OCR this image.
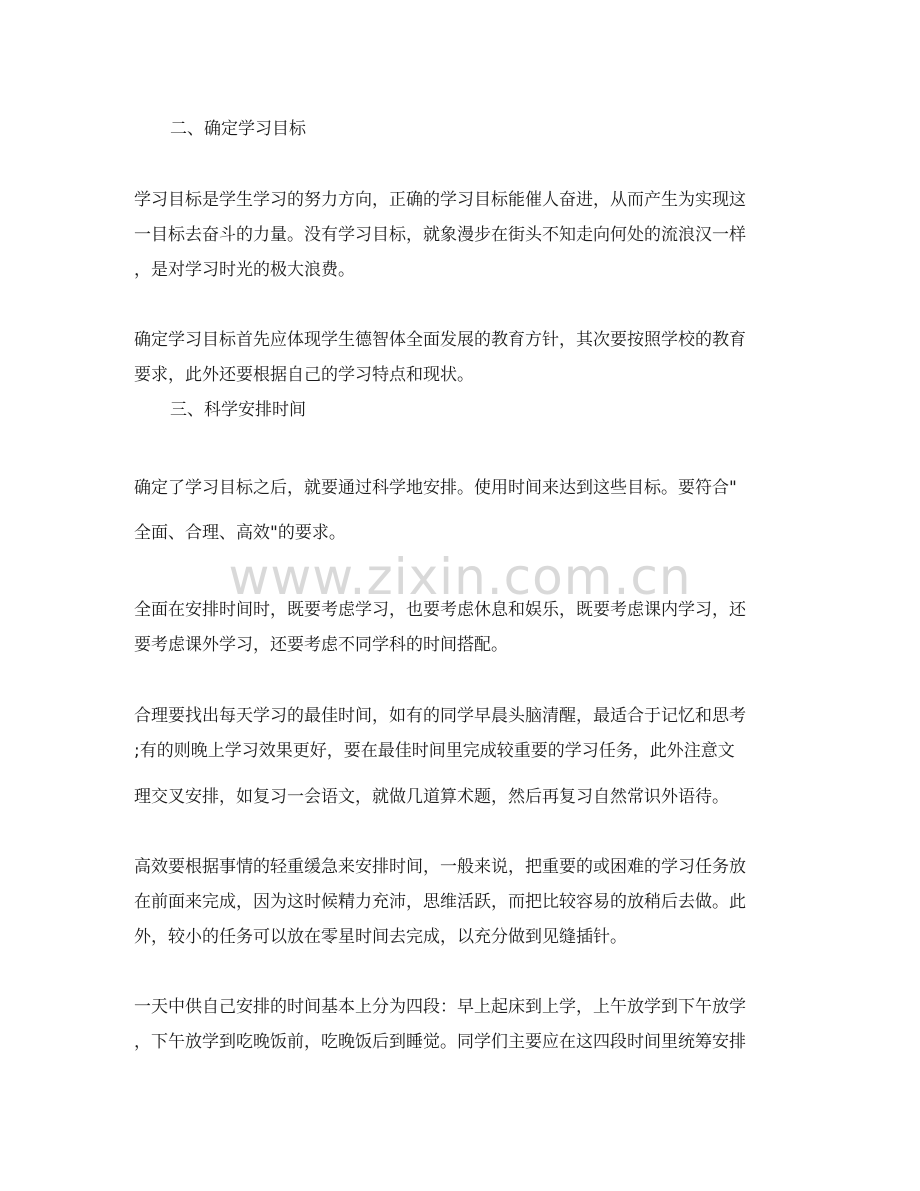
www.zixin.com.cn
二、确定学习目标
学习目标是学生学习的努力方向，正确的学习目标能催人奋进，从而产生为实现这
一目标去奋斗的力量。没有学习目标，就象漫步在街头不知走向何处的流浪汉一样
，是对学习时光的极大浪费。
确定学习目标首先应体现学生德智体全面发展的教育方针，其次要按照学校的教育
要求，此外还要根据自己的学习特点和现状。
三、科学安排时间
确定了学习目标之后，就要通过科学地安排。使用时间来达到这些目标。要符合"
全面、合理、高效"的要求。
全面在安排时间时，既要考虑学习，也要考虑休息和娱乐，既要考虑课内学习，还
要考虑课外学习，还要考虑不同学科的时间搭配。
合理要找出每天学习的最佳时间，如有的同学早晨头脑清醒，最适合于记忆和思考
;有的则晚上学习效果更好，要在最佳时间里完成较重要的学习任务，此外注意文
理交叉安排，如复习一会语文，就做几道算术题，然后再复习自然常识外语待。
高效要根据事情的轻重缓急来安排时间，一般来说，把重要的或困难的学习任务放
在前面来完成，因为这时候精力充沛，思维活跃，而把比较容易的放稍后去做。此
外，较小的任务可以放在零星时间去完成，以充分做到见缝插针。
一天中供自己安排的时间基本上分为四段：早上起床到上学，上午放学到下午放学
，下午放学到吃晚饭前，吃晚饭后到睡觉。同学们主要应在这四段时间里统筹安排
